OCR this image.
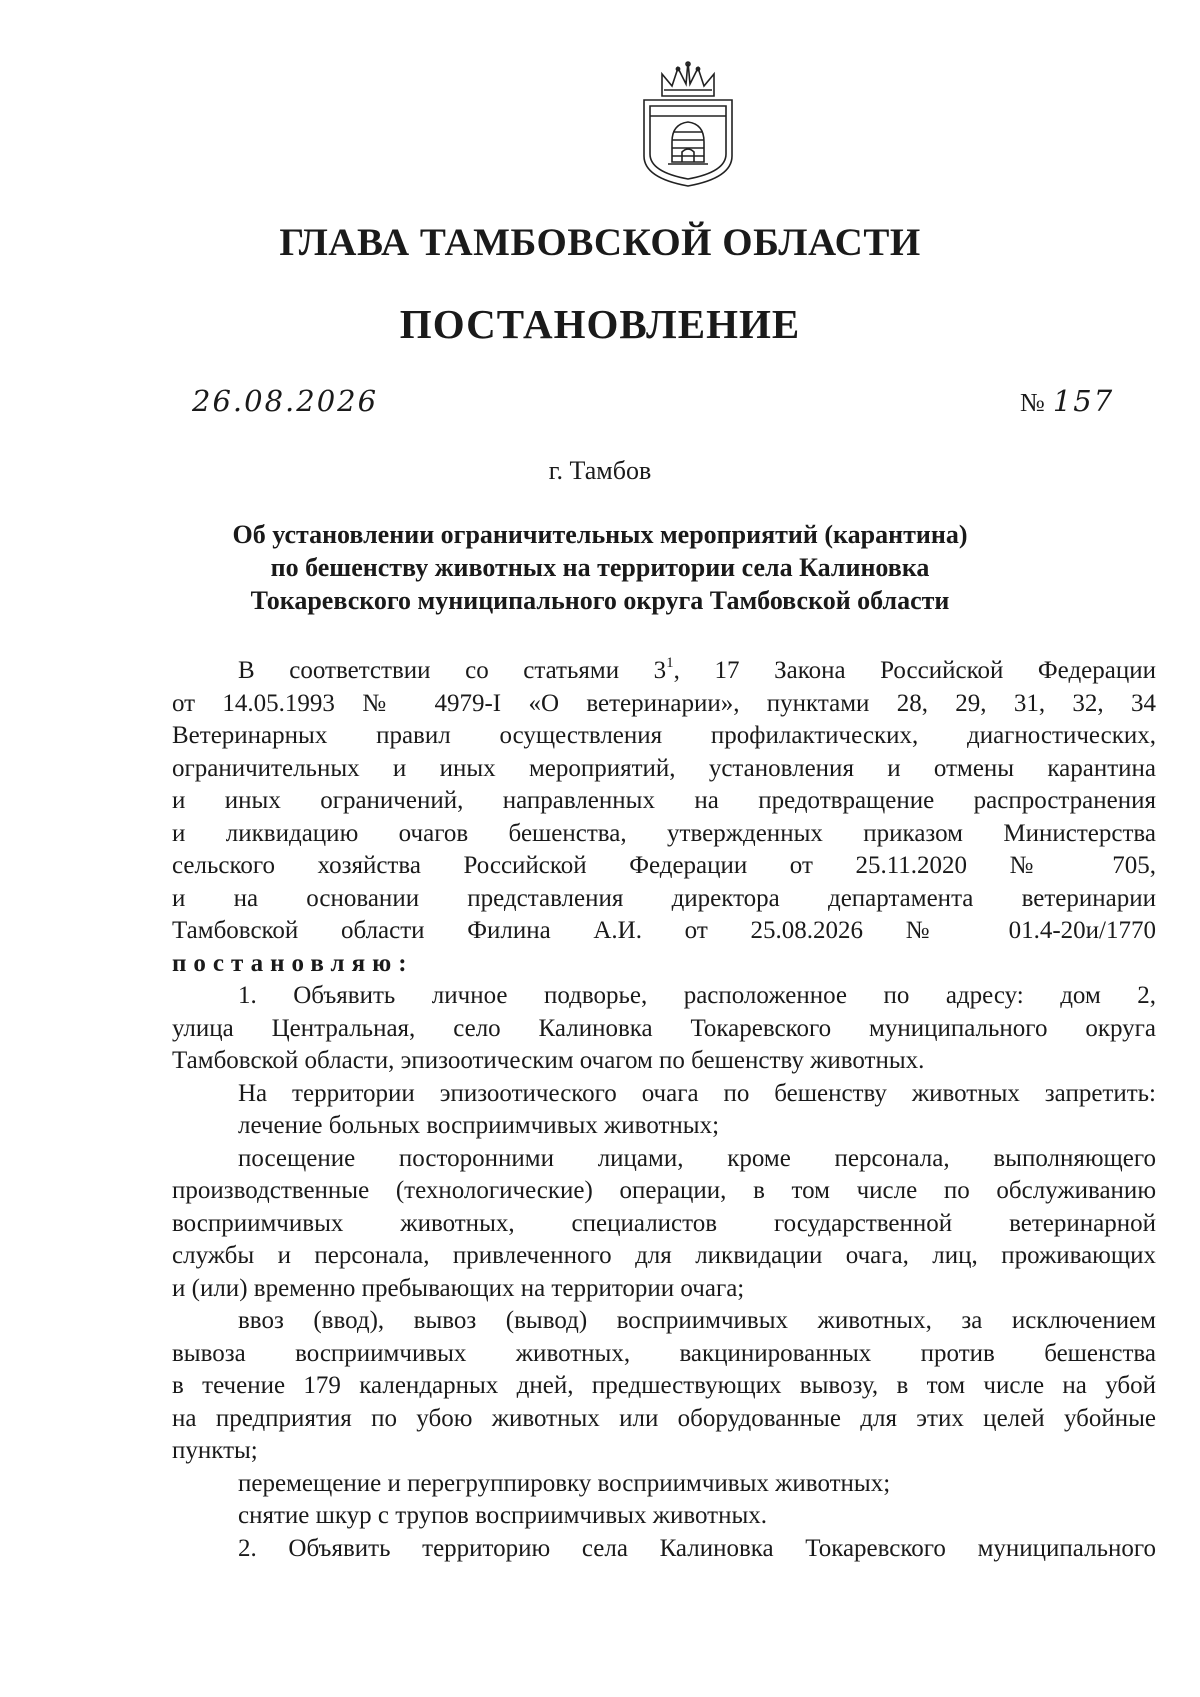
ГЛАВА ТАМБОВСКОЙ ОБЛАСТИ
ПОСТАНОВЛЕНИЕ
26.08.2026	№ 157
г. Тамбов
Об установлении ограничительных мероприятий (карантина)
по бешенству животных на территории села Калиновка
Токаревского муниципального округа Тамбовской области
В соответствии со статьями $3^1$, 17 Закона Российской Федерации
от 14.05.1993 № 4979-I «О ветеринарии», пунктами 28, 29, 31, 32, 34
Ветеринарных правил осуществления профилактических, диагностических,
ограничительных и иных мероприятий, установления и отмены карантина
и иных ограничений, направленных на предотвращение распространения
и ликвидацию очагов бешенства, утвержденных приказом Министерства
сельского хозяйства Российской Федерации от 25.11.2020 № 705,
и на основании представления директора департамента ветеринарии
Тамбовской области Филина А.И. от 25.08.2026 № 01.4-20и/1770
постановляю:
1. Объявить личное подворье, расположенное по адресу: дом 2,
улица Центральная, село Калиновка Токаревского муниципального округа
Тамбовской области, эпизоотическим очагом по бешенству животных.
На территории эпизоотического очага по бешенству животных запретить:
лечение больных восприимчивых животных;
посещение посторонними лицами, кроме персонала, выполняющего
производственные (технологические) операции, в том числе по обслуживанию
восприимчивых животных, специалистов государственной ветеринарной
службы и персонала, привлеченного для ликвидации очага, лиц, проживающих
и (или) временно пребывающих на территории очага;
ввоз (ввод), вывоз (вывод) восприимчивых животных, за исключением
вывоза восприимчивых животных, вакцинированных против бешенства
в течение 179 календарных дней, предшествующих вывозу, в том числе на убой
на предприятия по убою животных или оборудованные для этих целей убойные
пункты;
перемещение и перегруппировку восприимчивых животных;
снятие шкур с трупов восприимчивых животных.
2. Объявить территорию села Калиновка Токаревского муниципального
